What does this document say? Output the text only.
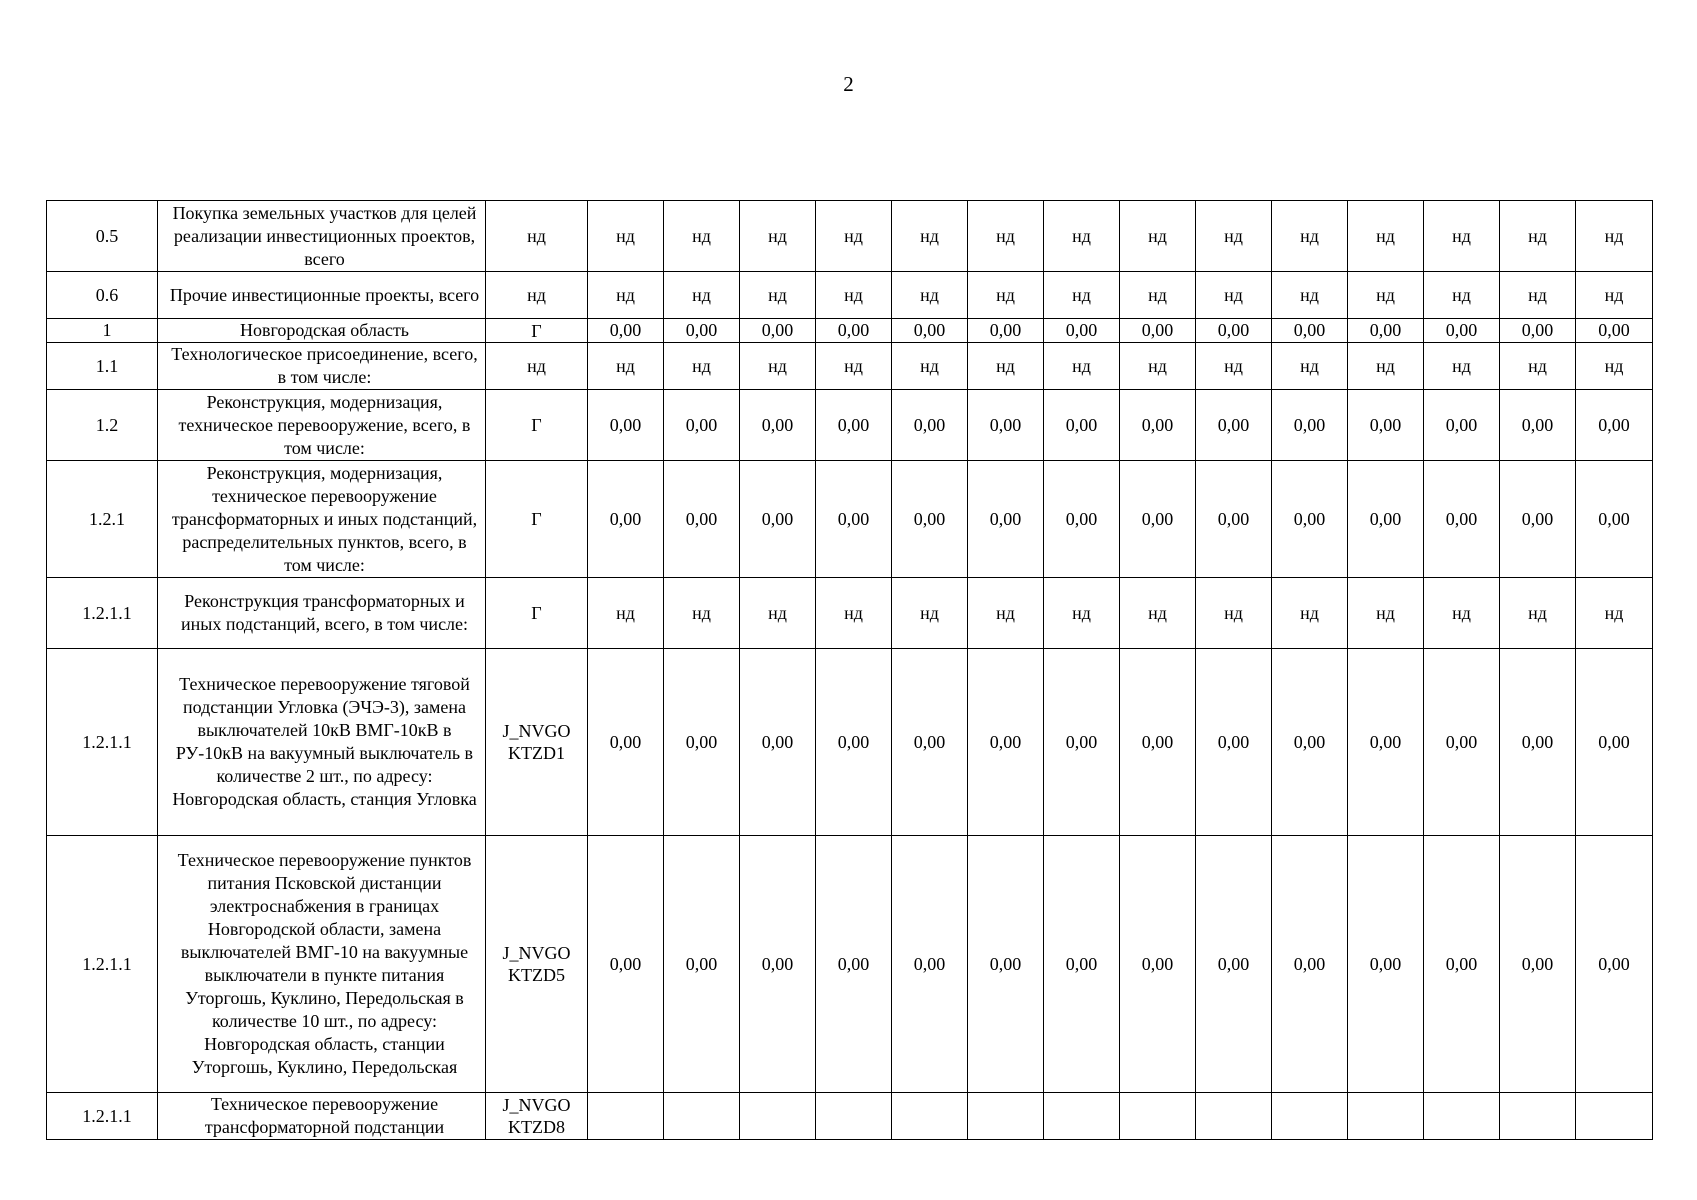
2
0.5	Покупка земельных участков для целей реализации инвестиционных проектов, всего	нд	нд	нд	нд	нд	нд	нд	нд	нд	нд	нд	нд	нд	нд	нд
0.6	Прочие инвестиционные проекты, всего	нд	нд	нд	нд	нд	нд	нд	нд	нд	нд	нд	нд	нд	нд	нд
1	Новгородская область	Г	0,00	0,00	0,00	0,00	0,00	0,00	0,00	0,00	0,00	0,00	0,00	0,00	0,00	0,00
1.1	Технологическое присоединение, всего, в том числе:	нд	нд	нд	нд	нд	нд	нд	нд	нд	нд	нд	нд	нд	нд	нд
1.2	Реконструкция, модернизация, техническое перевооружение, всего, в том числе:	Г	0,00	0,00	0,00	0,00	0,00	0,00	0,00	0,00	0,00	0,00	0,00	0,00	0,00	0,00
1.2.1	Реконструкция, модернизация, техническое перевооружение трансформаторных и иных подстанций, распределительных пунктов, всего, в том числе:	Г	0,00	0,00	0,00	0,00	0,00	0,00	0,00	0,00	0,00	0,00	0,00	0,00	0,00	0,00
1.2.1.1	Реконструкция трансформаторных и иных подстанций, всего, в том числе:	Г	нд	нд	нд	нд	нд	нд	нд	нд	нд	нд	нд	нд	нд	нд
1.2.1.1	Техническое перевооружение тяговой подстанции Угловка (ЭЧЭ-3), замена выключателей 10кВ ВМГ-10кВ в РУ-10кВ на вакуумный выключатель в количестве 2 шт., по адресу: Новгородская область, станция Угловка	J_NVGO KTZD1	0,00	0,00	0,00	0,00	0,00	0,00	0,00	0,00	0,00	0,00	0,00	0,00	0,00	0,00
1.2.1.1	Техническое перевооружение пунктов питания Псковской дистанции электроснабжения в границах Новгородской области, замена выключателей ВМГ-10 на вакуумные выключатели в пункте питания Уторгошь, Куклино, Передольская в количестве 10 шт., по адресу: Новгородская область, станции Уторгошь, Куклино, Передольская	J_NVGO KTZD5	0,00	0,00	0,00	0,00	0,00	0,00	0,00	0,00	0,00	0,00	0,00	0,00	0,00	0,00
1.2.1.1	Техническое перевооружение трансформаторной подстанции	J_NVGO KTZD8														
